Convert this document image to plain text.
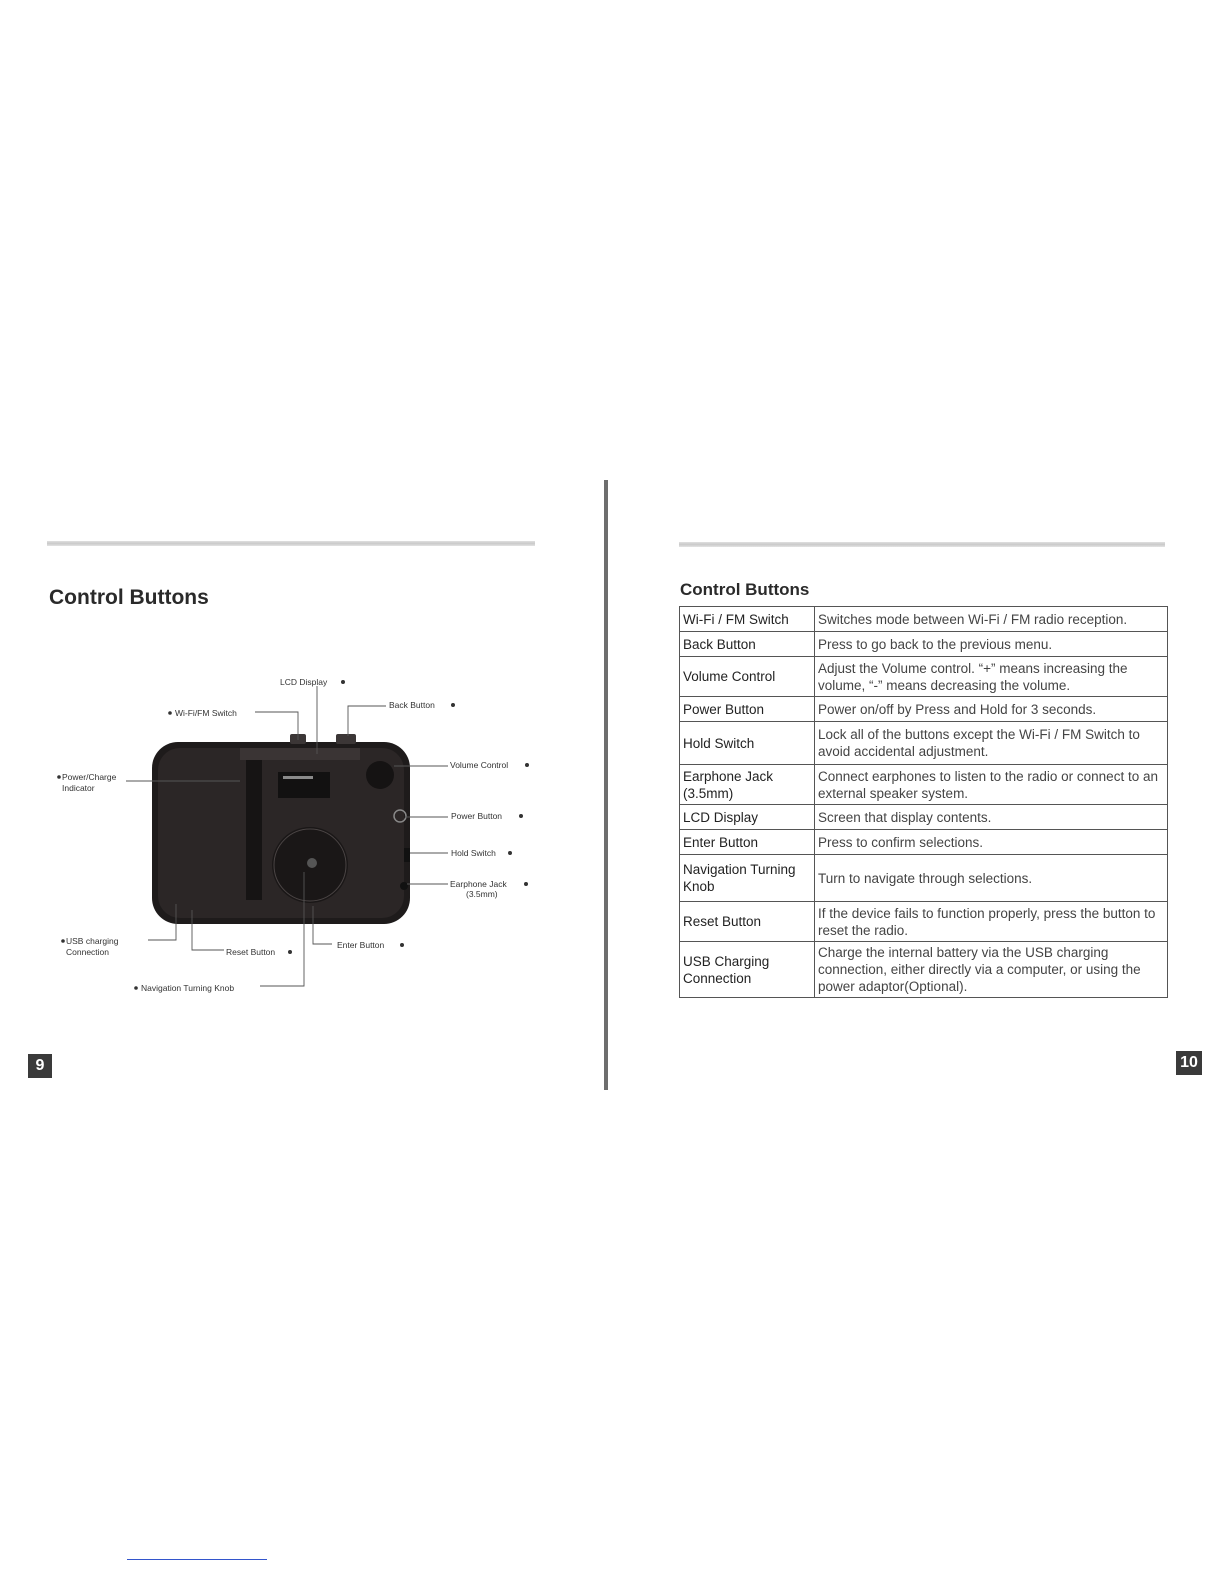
Control Buttons
LCD Display
Wi-Fi/FM Switch
Back Button
Power/Charge
Indicator
Volume Control
Power Button
Hold Switch
Earphone Jack
(3.5mm)
USB charging
Connection	Reset Button
Enter Button
Navigation Turning Knob
9
Control Buttons
Wi-Fi / FM Switch	Switches mode between Wi-Fi / FM radio reception.
Back Button	Press to go back to the previous menu.
Volume Control	Adjust the Volume control. “+” means increasing the volume, “-” means decreasing the volume.
Power Button	Power on/off by Press and Hold for 3 seconds.
Hold Switch	Lock all of the buttons except the Wi-Fi / FM Switch to avoid accidental adjustment.
Earphone Jack (3.5mm)	Connect earphones to listen to the radio or connect to an external speaker system.
LCD Display	Screen that display contents.
Enter Button	Press to confirm selections.
Navigation Turning Knob	Turn to navigate through selections.
Reset Button	If the device fails to function properly, press the button to reset the radio.
USB Charging Connection	Charge the internal battery via the USB charging connection, either directly via a computer, or using the power adaptor(Optional).
10
